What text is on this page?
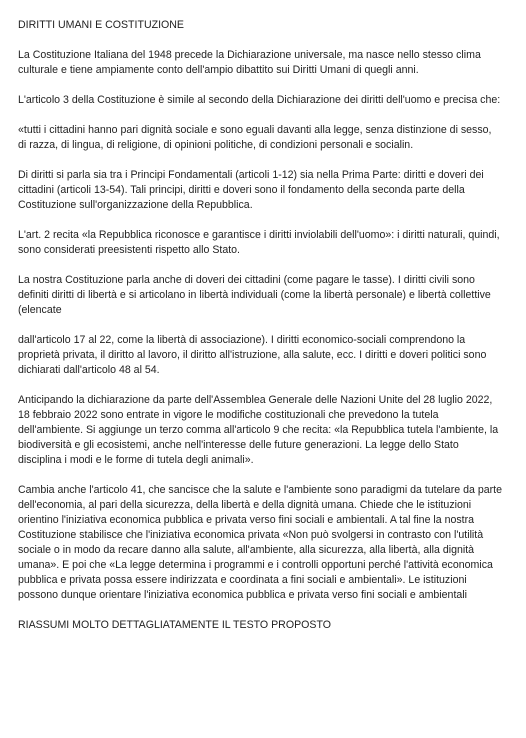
DIRITTI UMANI E COSTITUZIONE

La Costituzione Italiana del 1948 precede la Dichiarazione universale, ma nasce nello stesso clima culturale e tiene ampiamente conto dell'ampio dibattito sui Diritti Umani di quegli anni.

L'articolo 3 della Costituzione è simile al secondo della Dichiarazione dei diritti dell'uomo e precisa che:

«tutti i cittadini hanno pari dignità sociale e sono eguali davanti alla legge, senza distinzione di sesso, di razza, di lingua, di religione, di opinioni politiche, di condizioni personali e socialin.

Di diritti si parla sia tra i Principi Fondamentali (articoli 1-12) sia nella Prima Parte: diritti e doveri dei cittadini (articoli 13-54). Tali principi, diritti e doveri sono il fondamento della seconda parte della Costituzione sull'organizzazione della Repubblica.

L'art. 2 recita «la Repubblica riconosce e garantisce i diritti inviolabili dell'uomo»: i diritti naturali, quindi, sono considerati preesistenti rispetto allo Stato.

La nostra Costituzione parla anche di doveri dei cittadini (come pagare le tasse). I diritti civili sono definiti diritti di libertà e si articolano in libertà individuali (come la libertà personale) e libertà collettive (elencate

dall'articolo 17 al 22, come la libertà di associazione). I diritti economico-sociali comprendono la proprietà privata, il diritto al lavoro, il diritto all'istruzione, alla salute, ecc. I diritti e doveri politici sono dichiarati dall'articolo 48 al 54.

Anticipando la dichiarazione da parte dell'Assemblea Generale delle Nazioni Unite del 28 luglio 2022, 18 febbraio 2022 sono entrate in vigore le modifiche costituzionali che prevedono la tutela dell'ambiente. Si aggiunge un terzo comma all'articolo 9 che recita: «la Repubblica tutela l'ambiente, la biodiversità e gli ecosistemi, anche nell'interesse delle future generazioni. La legge dello Stato disciplina i modi e le forme di tutela degli animali».

Cambia anche l'articolo 41, che sancisce che la salute e l'ambiente sono paradigmi da tutelare da parte dell'economia, al pari della sicurezza, della libertà e della dignità umana. Chiede che le istituzioni orientino l'iniziativa economica pubblica e privata verso fini sociali e ambientali. A tal fine la nostra Costituzione stabilisce che l'iniziativa economica privata «Non può svolgersi in contrasto con l'utilità sociale o in modo da recare danno alla salute, all'ambiente, alla sicurezza, alla libertà, alla dignità umana». E poi che «La legge determina i programmi e i controlli opportuni perché l'attività economica pubblica e privata possa essere indirizzata e coordinata a fini sociali e ambientali». Le istituzioni possono dunque orientare l'iniziativa economica pubblica e privata verso fini sociali e ambientali

RIASSUMI MOLTO DETTAGLIATAMENTE IL TESTO PROPOSTO
